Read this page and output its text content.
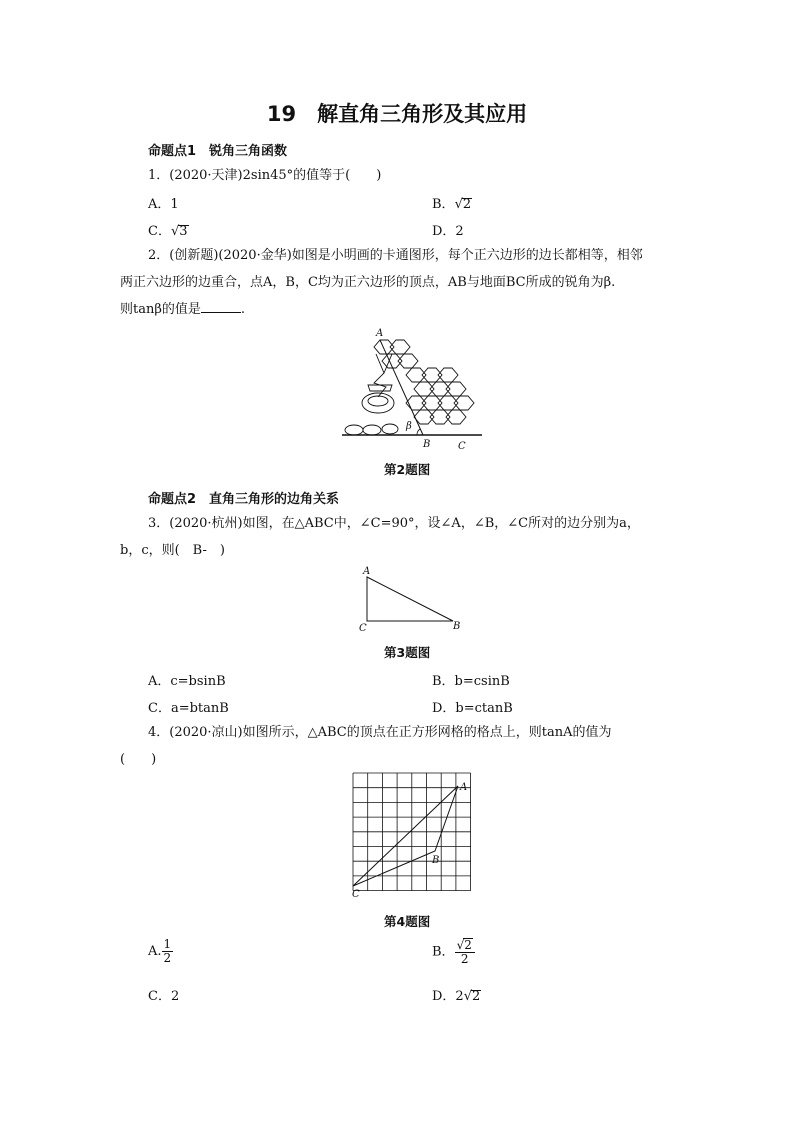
19　解直角三角形及其应用
命题点1　锐角三角函数
1．(2020·天津)2sin45°的值等于(　　)
A．1	B．√2
C．√3	D．2
2．(创新题)(2020·金华)如图是小明画的卡通图形，每个正六边形的边长都相等，相邻
两正六边形的边重合，点A，B，C均为正六边形的顶点，AB与地面BC所成的锐角为β.
则tanβ的值是	.
A
β
B	C
第2题图
命题点2　直角三角形的边角关系
3．(2020·杭州)如图，在△ABC中，∠C=90°，设∠A，∠B，∠C所对的边分别为a，
b，c，则(　B-　)
A
C	B
第3题图
A．c=bsinB	B．b=csinB
C．a=btanB	D．b=ctanB
4．(2020·凉山)如图所示，△ABC的顶点在正方形网格的格点上，则tanA的值为
(　　)
A
B
C
第4题图
A. $\frac{1}{2}$	B． $\frac{√2}{2}$
C．2	D．2√2
